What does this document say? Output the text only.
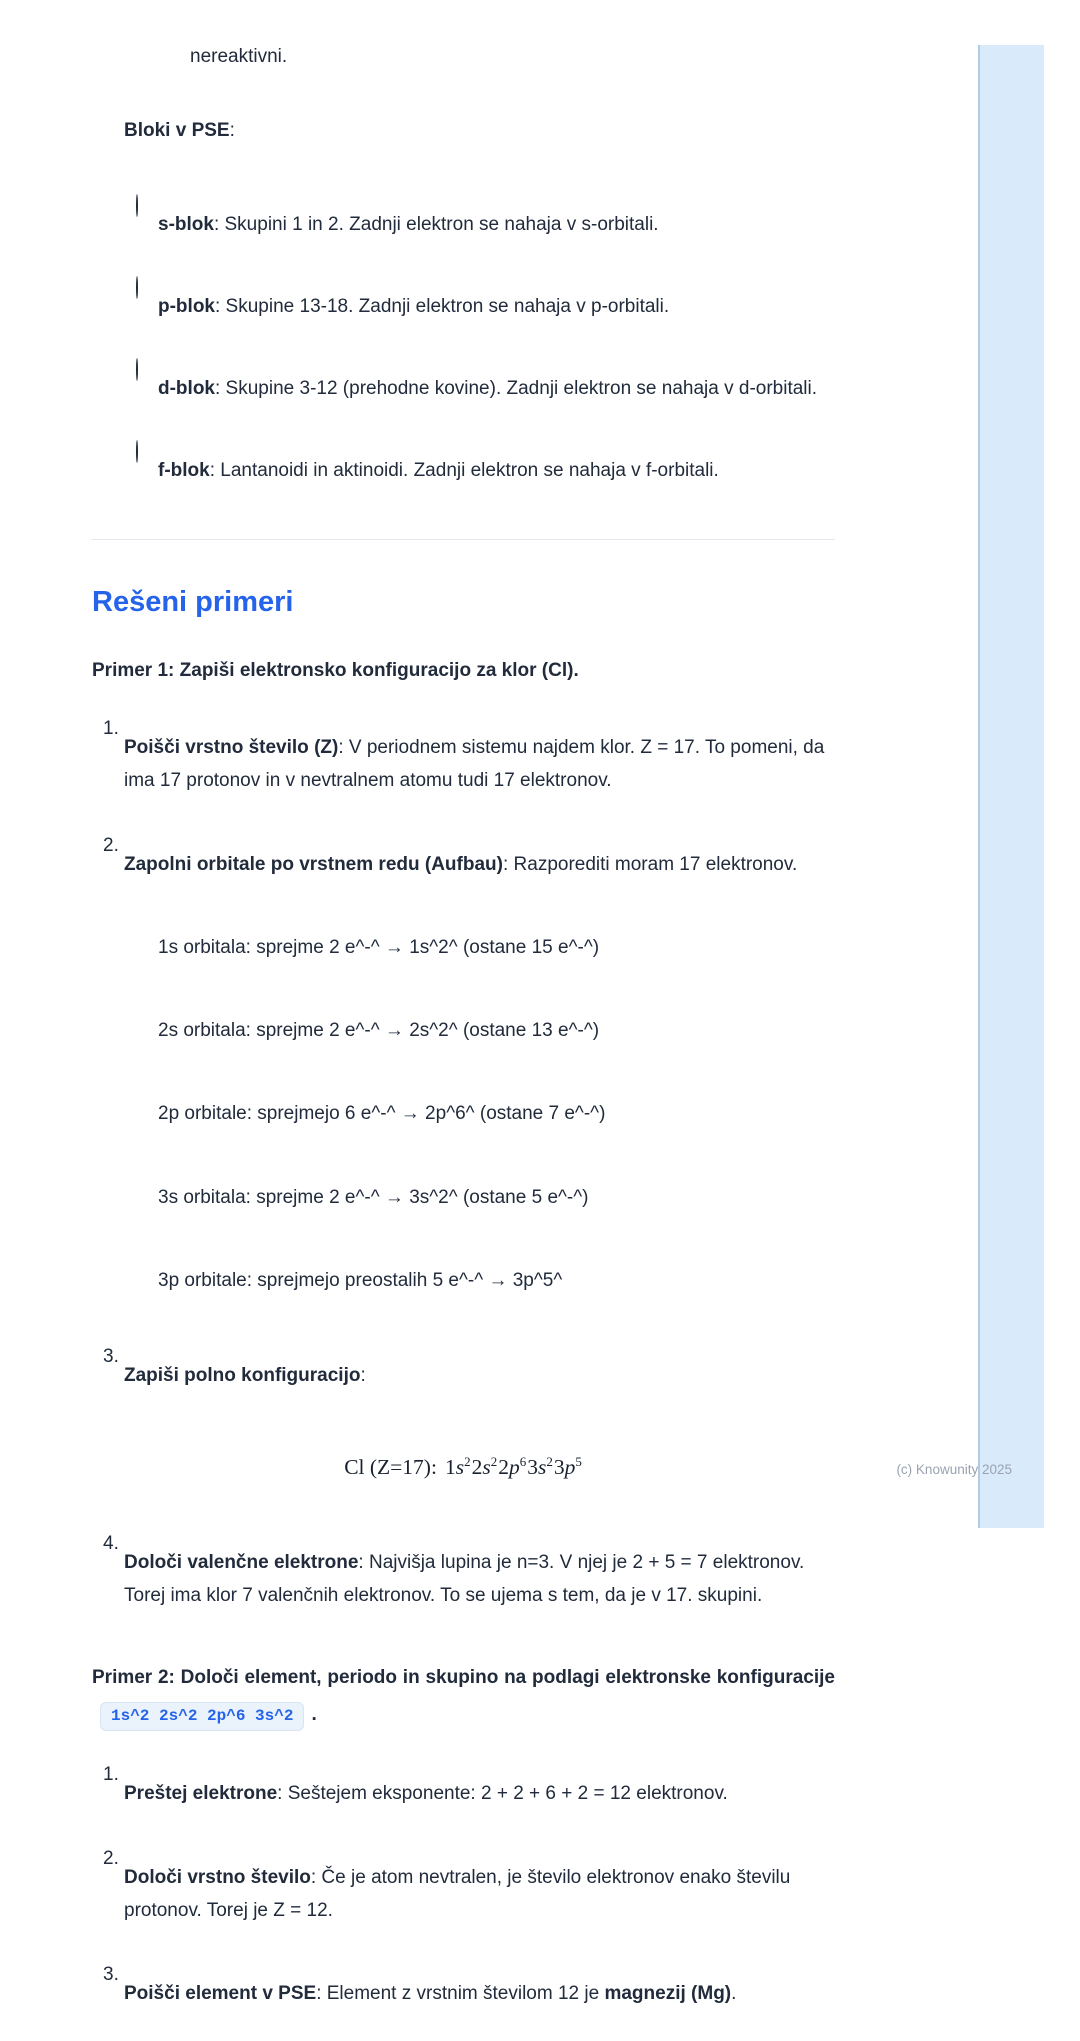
nereaktivni.

Bloki v PSE:

s-blok: Skupini 1 in 2. Zadnji elektron se nahaja v s-orbitali.

p-blok: Skupine 13-18. Zadnji elektron se nahaja v p-orbitali.

d-blok: Skupine 3-12 (prehodne kovine). Zadnji elektron se nahaja v d-orbitali.

f-blok: Lantanoidi in aktinoidi. Zadnji elektron se nahaja v f-orbitali.

Rešeni primeri

Primer 1: Zapiši elektronsko konfiguracijo za klor (Cl).

1.

Poišči vrstno število (Z): V periodnem sistemu najdem klor. Z = 17. To pomeni, da ima 17 protonov in v nevtralnem atomu tudi 17 elektronov.

2.

Zapolni orbitale po vrstnem redu (Aufbau): Razporediti moram 17 elektronov.

1s orbitala: sprejme 2 e^-^ → 1s^2^ (ostane 15 e^-^)

2s orbitala: sprejme 2 e^-^ → 2s^2^ (ostane 13 e^-^)

2p orbitale: sprejmejo 6 e^-^ → 2p^6^ (ostane 7 e^-^)

3s orbitala: sprejme 2 e^-^ → 3s^2^ (ostane 5 e^-^)

3p orbitale: sprejmejo preostalih 5 e^-^ → 3p^5^

3.

Zapiši polno konfiguracijo:

Cl (Z=17): $1s^22s^22p^63s^23p^5$
4.

Določi valenčne elektrone: Najvišja lupina je n=3. V njej je 2 + 5 = 7 elektronov. Torej ima klor 7 valenčnih elektronov. To se ujema s tem, da je v 17. skupini.

Primer 2: Določi element, periodo in skupino na podlagi elektronske konfiguracije1s^2 2s^2 2p^6 3s^2 .

1.

Preštej elektrone: Seštejem eksponente: 2 + 2 + 6 + 2 = 12 elektronov.

2.

Določi vrstno število: Če je atom nevtralen, je število elektronov enako številu protonov. Torej je Z = 12.

3.

Poišči element v PSE: Element z vrstnim številom 12 je magnezij (Mg).

(c) Knowunity 2025
